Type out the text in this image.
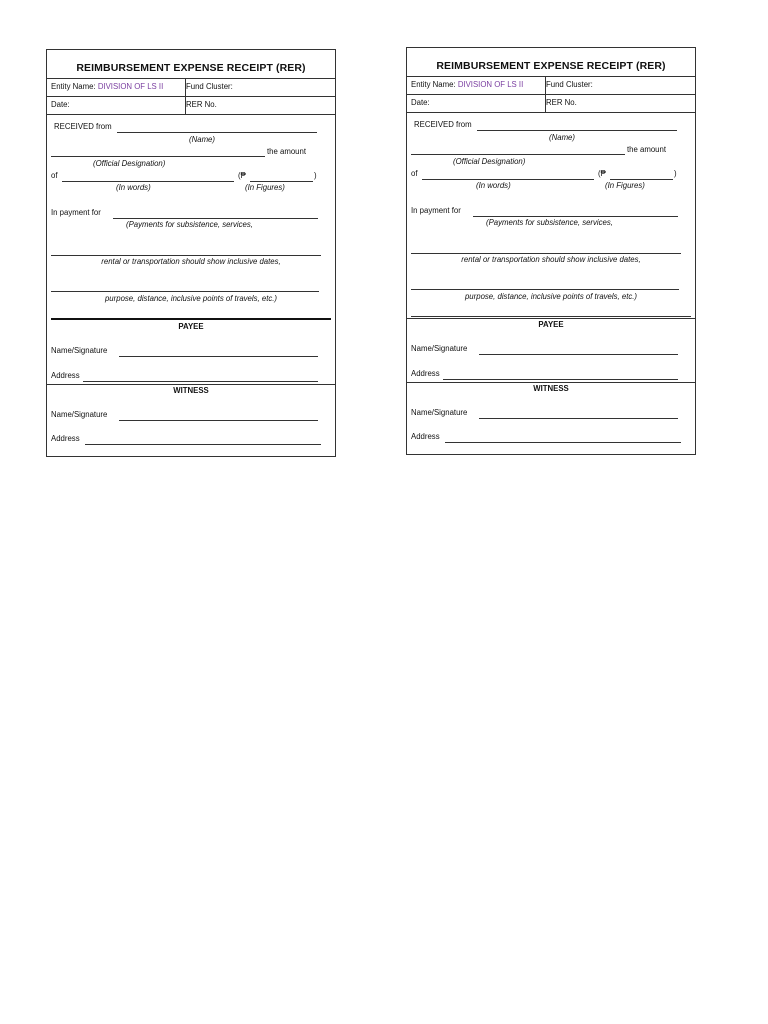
REIMBURSEMENT EXPENSE RECEIPT (RER)
Entity Name: DIVISION OF LS II	Fund Cluster:
Date:	RER No.
RECEIVED from
(Name)
the amount
(Official Designation)
of	(₱	)
(In words)	(In Figures)
In payment for
(Payments for subsistence, services,
rental or transportation should show inclusive dates,
purpose, distance, inclusive points of travels, etc.)
PAYEE
Name/Signature
Address
WITNESS
Name/Signature
Address
REIMBURSEMENT EXPENSE RECEIPT (RER)
Entity Name: DIVISION OF LS II	Fund Cluster:
Date:	RER No.
RECEIVED from
(Name)
the amount
(Official Designation)
of	(₱	)
(In words)	(In Figures)
In payment for
(Payments for subsistence, services,
rental or transportation should show inclusive dates,
purpose, distance, inclusive points of travels, etc.)
PAYEE
Name/Signature
Address
WITNESS
Name/Signature
Address
